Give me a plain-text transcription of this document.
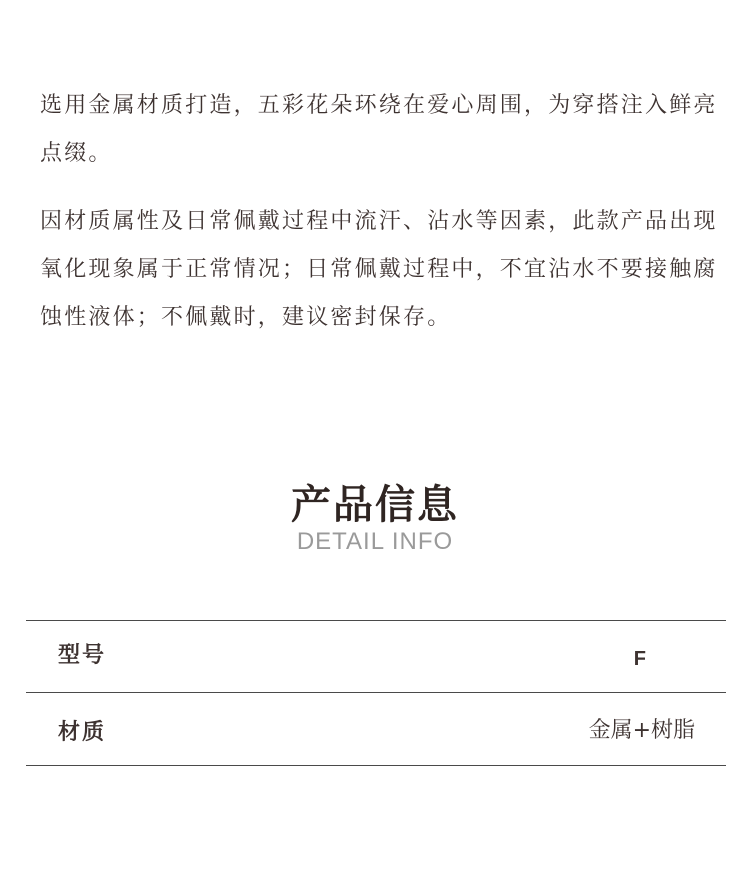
选用金属材质打造，五彩花朵环绕在爱心周围，为穿搭注入鲜亮点缀。
因材质属性及日常佩戴过程中流汗、沾水等因素，此款产品出现氧化现象属于正常情况；日常佩戴过程中，不宜沾水不要接触腐蚀性液体；不佩戴时，建议密封保存。
产品信息
DETAIL INFO
型号	F
材质	金属+树脂
